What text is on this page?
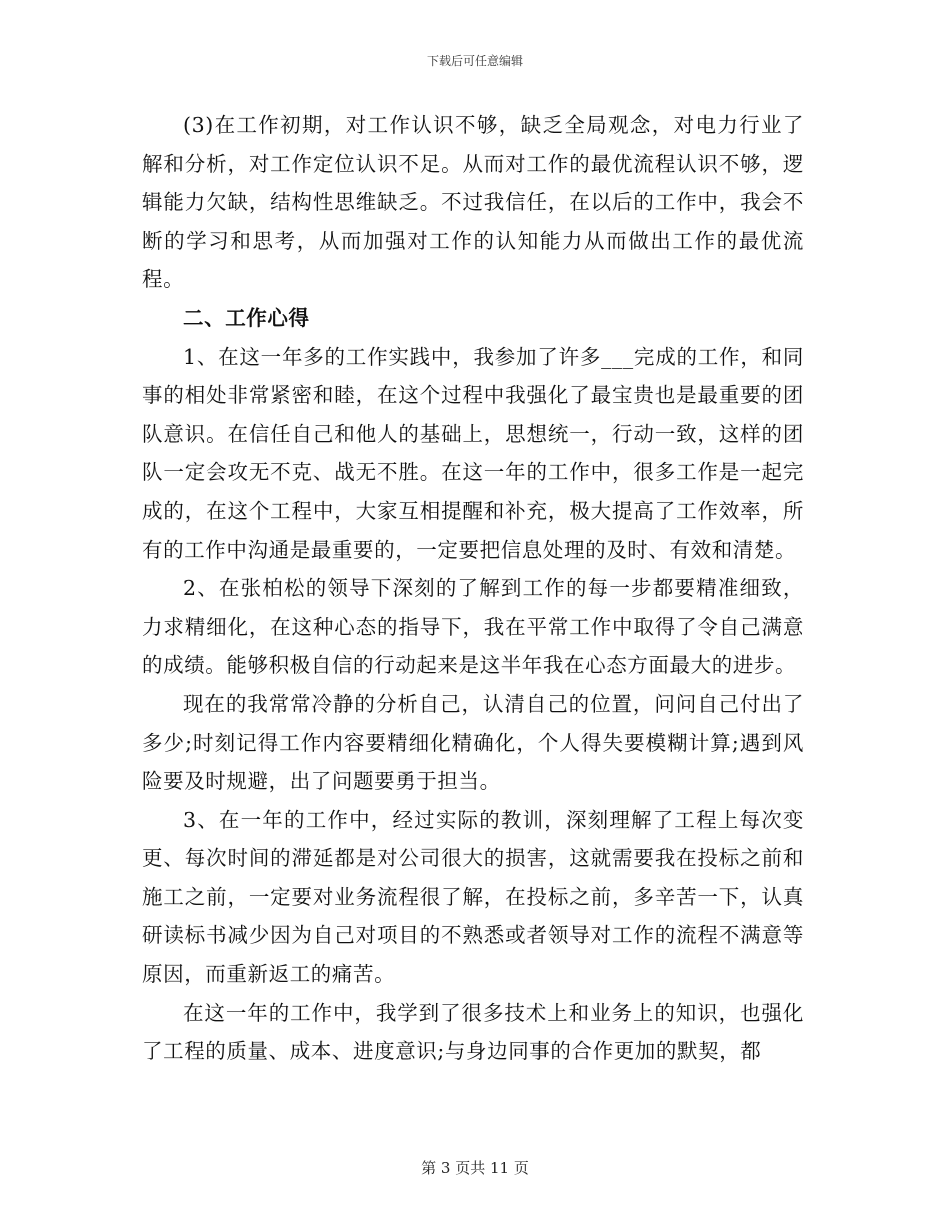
下载后可任意编辑

(3)在工作初期，对工作认识不够，缺乏全局观念，对电力行业了解和分析，对工作定位认识不足。从而对工作的最优流程认识不够，逻辑能力欠缺，结构性思维缺乏。不过我信任，在以后的工作中，我会不断的学习和思考，从而加强对工作的认知能力从而做出工作的最优流程。

二、工作心得

1、在这一年多的工作实践中，我参加了许多___完成的工作，和同事的相处非常紧密和睦，在这个过程中我强化了最宝贵也是最重要的团队意识。在信任自己和他人的基础上，思想统一，行动一致，这样的团队一定会攻无不克、战无不胜。在这一年的工作中，很多工作是一起完成的，在这个工程中，大家互相提醒和补充，极大提高了工作效率，所有的工作中沟通是最重要的，一定要把信息处理的及时、有效和清楚。

2、在张柏松的领导下深刻的了解到工作的每一步都要精准细致，力求精细化，在这种心态的指导下，我在平常工作中取得了令自己满意的成绩。能够积极自信的行动起来是这半年我在心态方面最大的进步。

现在的我常常冷静的分析自己，认清自己的位置，问问自己付出了多少;时刻记得工作内容要精细化精确化，个人得失要模糊计算;遇到风险要及时规避，出了问题要勇于担当。

3、在一年的工作中，经过实际的教训，深刻理解了工程上每次变更、每次时间的滞延都是对公司很大的损害，这就需要我在投标之前和施工之前，一定要对业务流程很了解，在投标之前，多辛苦一下，认真研读标书减少因为自己对项目的不熟悉或者领导对工作的流程不满意等原因，而重新返工的痛苦。

在这一年的工作中，我学到了很多技术上和业务上的知识，也强化了工程的质量、成本、进度意识;与身边同事的合作更加的默契，都

第 3 页共 11 页
